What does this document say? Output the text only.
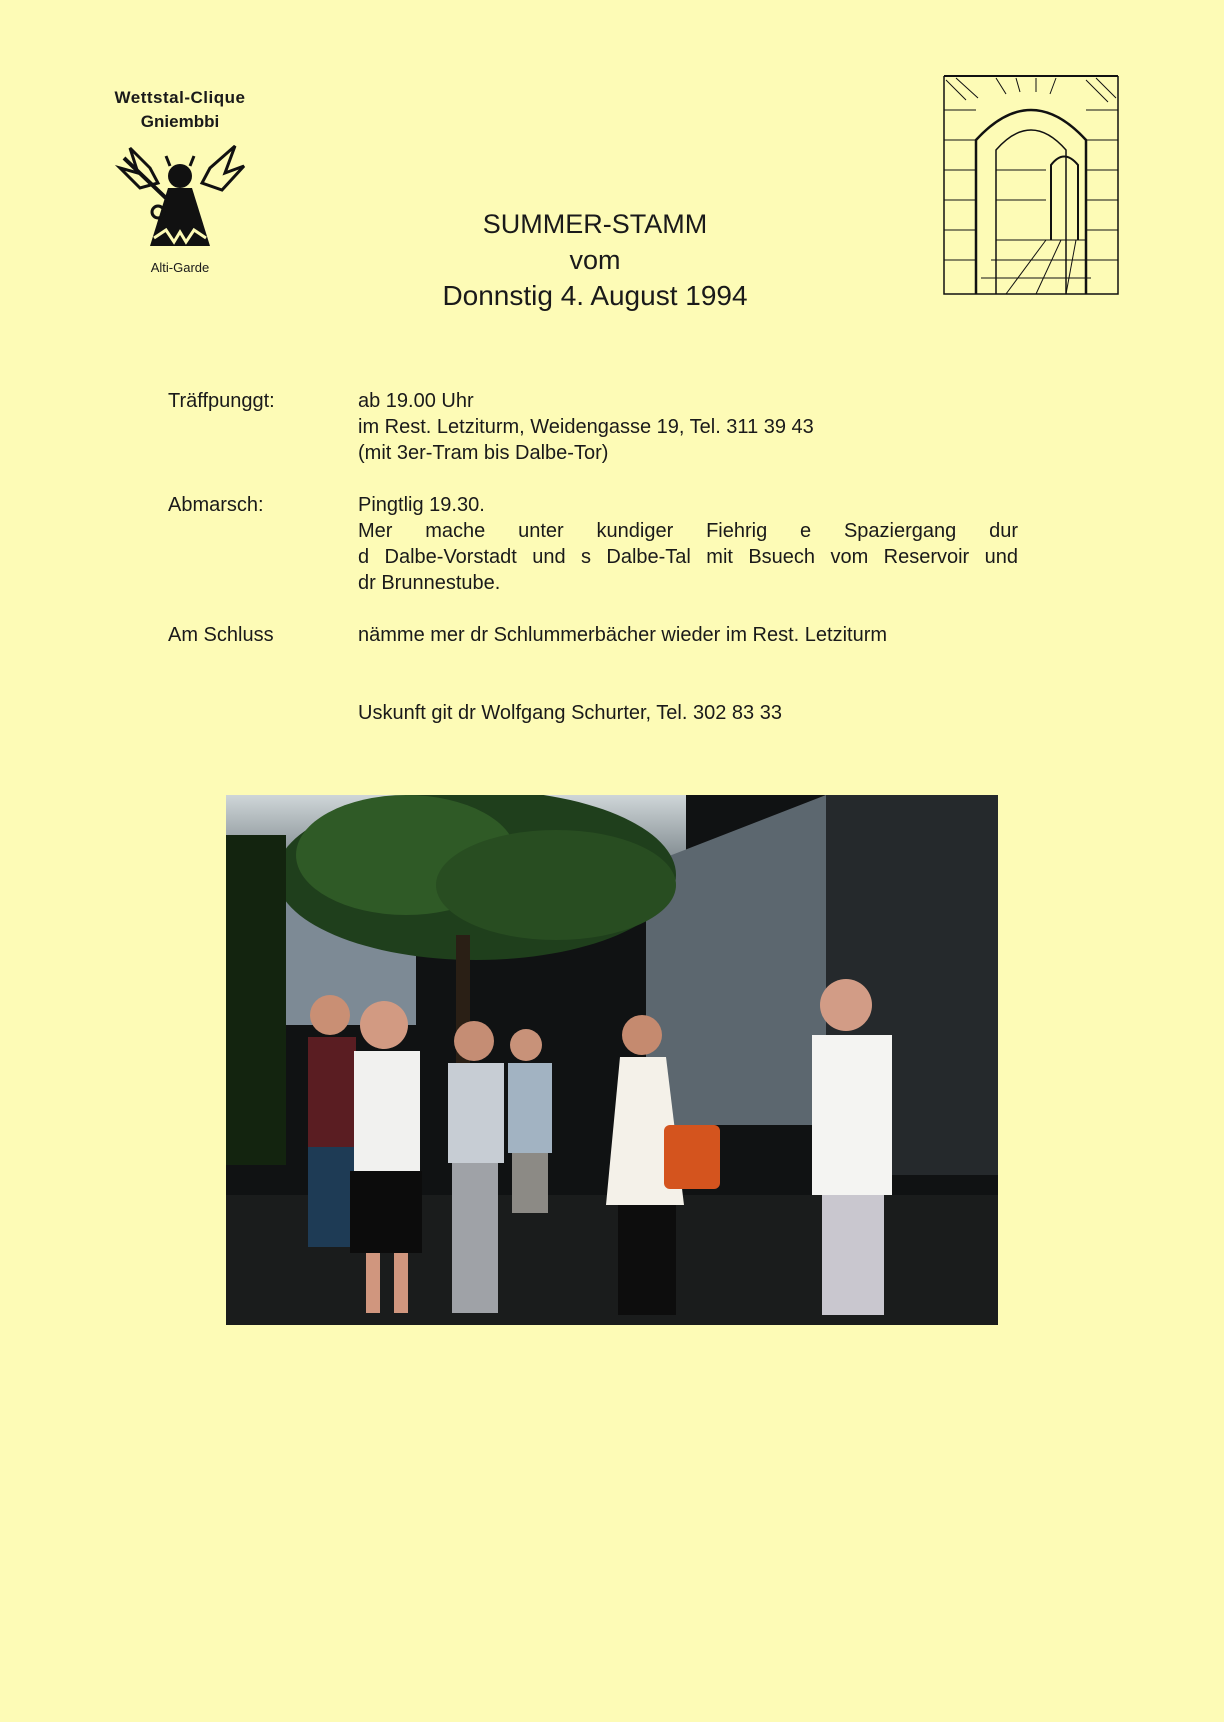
Wettstal-Clique
Gniembbi
Alti-Garde
SUMMER-STAMM
vom
Donnstig 4. August 1994
Träffpunggt:	ab 19.00 Uhr
im Rest. Letziturm, Weidengasse 19, Tel. 311 39 43
(mit 3er-Tram bis Dalbe-Tor)
Abmarsch:	Pingtlig 19.30.
Mer mache unter kundiger Fiehrig e Spaziergang dur
d Dalbe-Vorstadt und s Dalbe-Tal mit Bsuech vom Reservoir und
dr Brunnestube.
Am Schluss	nämme mer dr Schlummerbächer wieder im Rest. Letziturm
Uskunft git dr Wolfgang Schurter, Tel. 302 83 33
